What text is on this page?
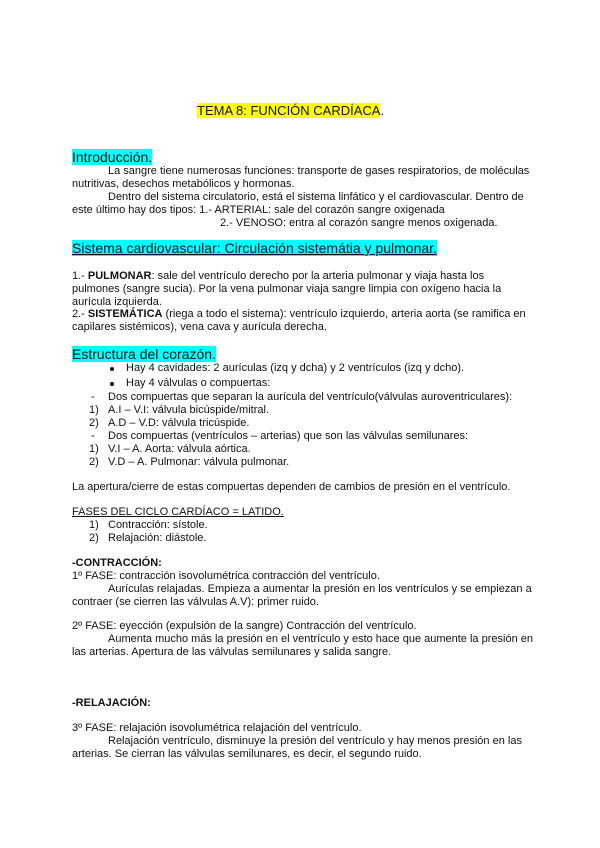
TEMA 8: FUNCIÓN CARDÍACA.
Introducción.
La sangre tiene numerosas funciones: transporte de gases respiratorios, de moléculas nutritivas, desechos metabólicos y hormonas.
Dentro del sistema circulatorio, está el sistema linfático y el cardiovascular. Dentro de este último hay dos tipos: 1.- ARTERIAL: sale del corazón sangre oxigenada
2.- VENOSO: entra al corazón sangre menos oxigenada.
Sistema cardiovascular: Circulación sistemátia y pulmonar.
1.- PULMONAR: sale del ventrículo derecho por la arteria pulmonar y viaja hasta los pulmones (sangre sucia). Por la vena pulmonar viaja sangre limpia con oxígeno hacia la aurícula izquierda.
2.- SISTEMÁTICA (riega a todo el sistema): ventrículo izquierdo, arteria aorta (se ramifica en capilares sistémicos), vena cava y aurícula derecha.
Estructura del corazón.
Hay 4 cavidades: 2 aurículas (izq y dcha) y 2 ventrículos (izq y dcho).
Hay 4 válvulas o compuertas:
- Dos compuertas que separan la aurícula del ventrículo(válvulas auroventriculares):
1) A.I – V.I: válvula bicúspide/mitral.
2) A.D – V.D: válvula tricúspide.
- Dos compuertas (ventrículos – arterias) que son las válvulas semilunares:
1) V.I – A. Aorta: válvula aórtica.
2) V.D – A. Pulmonar: válvula pulmonar.
La apertura/cierre de estas compuertas dependen de cambios de presión en el ventrículo.
FASES DEL CICLO CARDÍACO = LATIDO.
1) Contracción: sístole.
2) Relajación: diástole.
-CONTRACCIÓN:
1º FASE: contracción isovolumétrica contracción del ventrículo.
Aurículas relajadas. Empieza a aumentar la presión en los ventrículos y se empiezan a contraer (se cierren las válvulas A.V): primer ruido.
2º FASE: eyección (expulsión de la sangre) Contracción del ventrículo.
Aumenta mucho más la presión en el ventrículo y esto hace que aumente la presión en las arterias. Apertura de las válvulas semilunares y salida sangre.
-RELAJACIÓN:
3º FASE: relajación isovolumétrica relajación del ventrículo.
Relajación ventrículo, disminuye la presión del ventrículo y hay menos presión en las arterias. Se cierran las válvulas semilunares, es decir, el segundo ruido.
